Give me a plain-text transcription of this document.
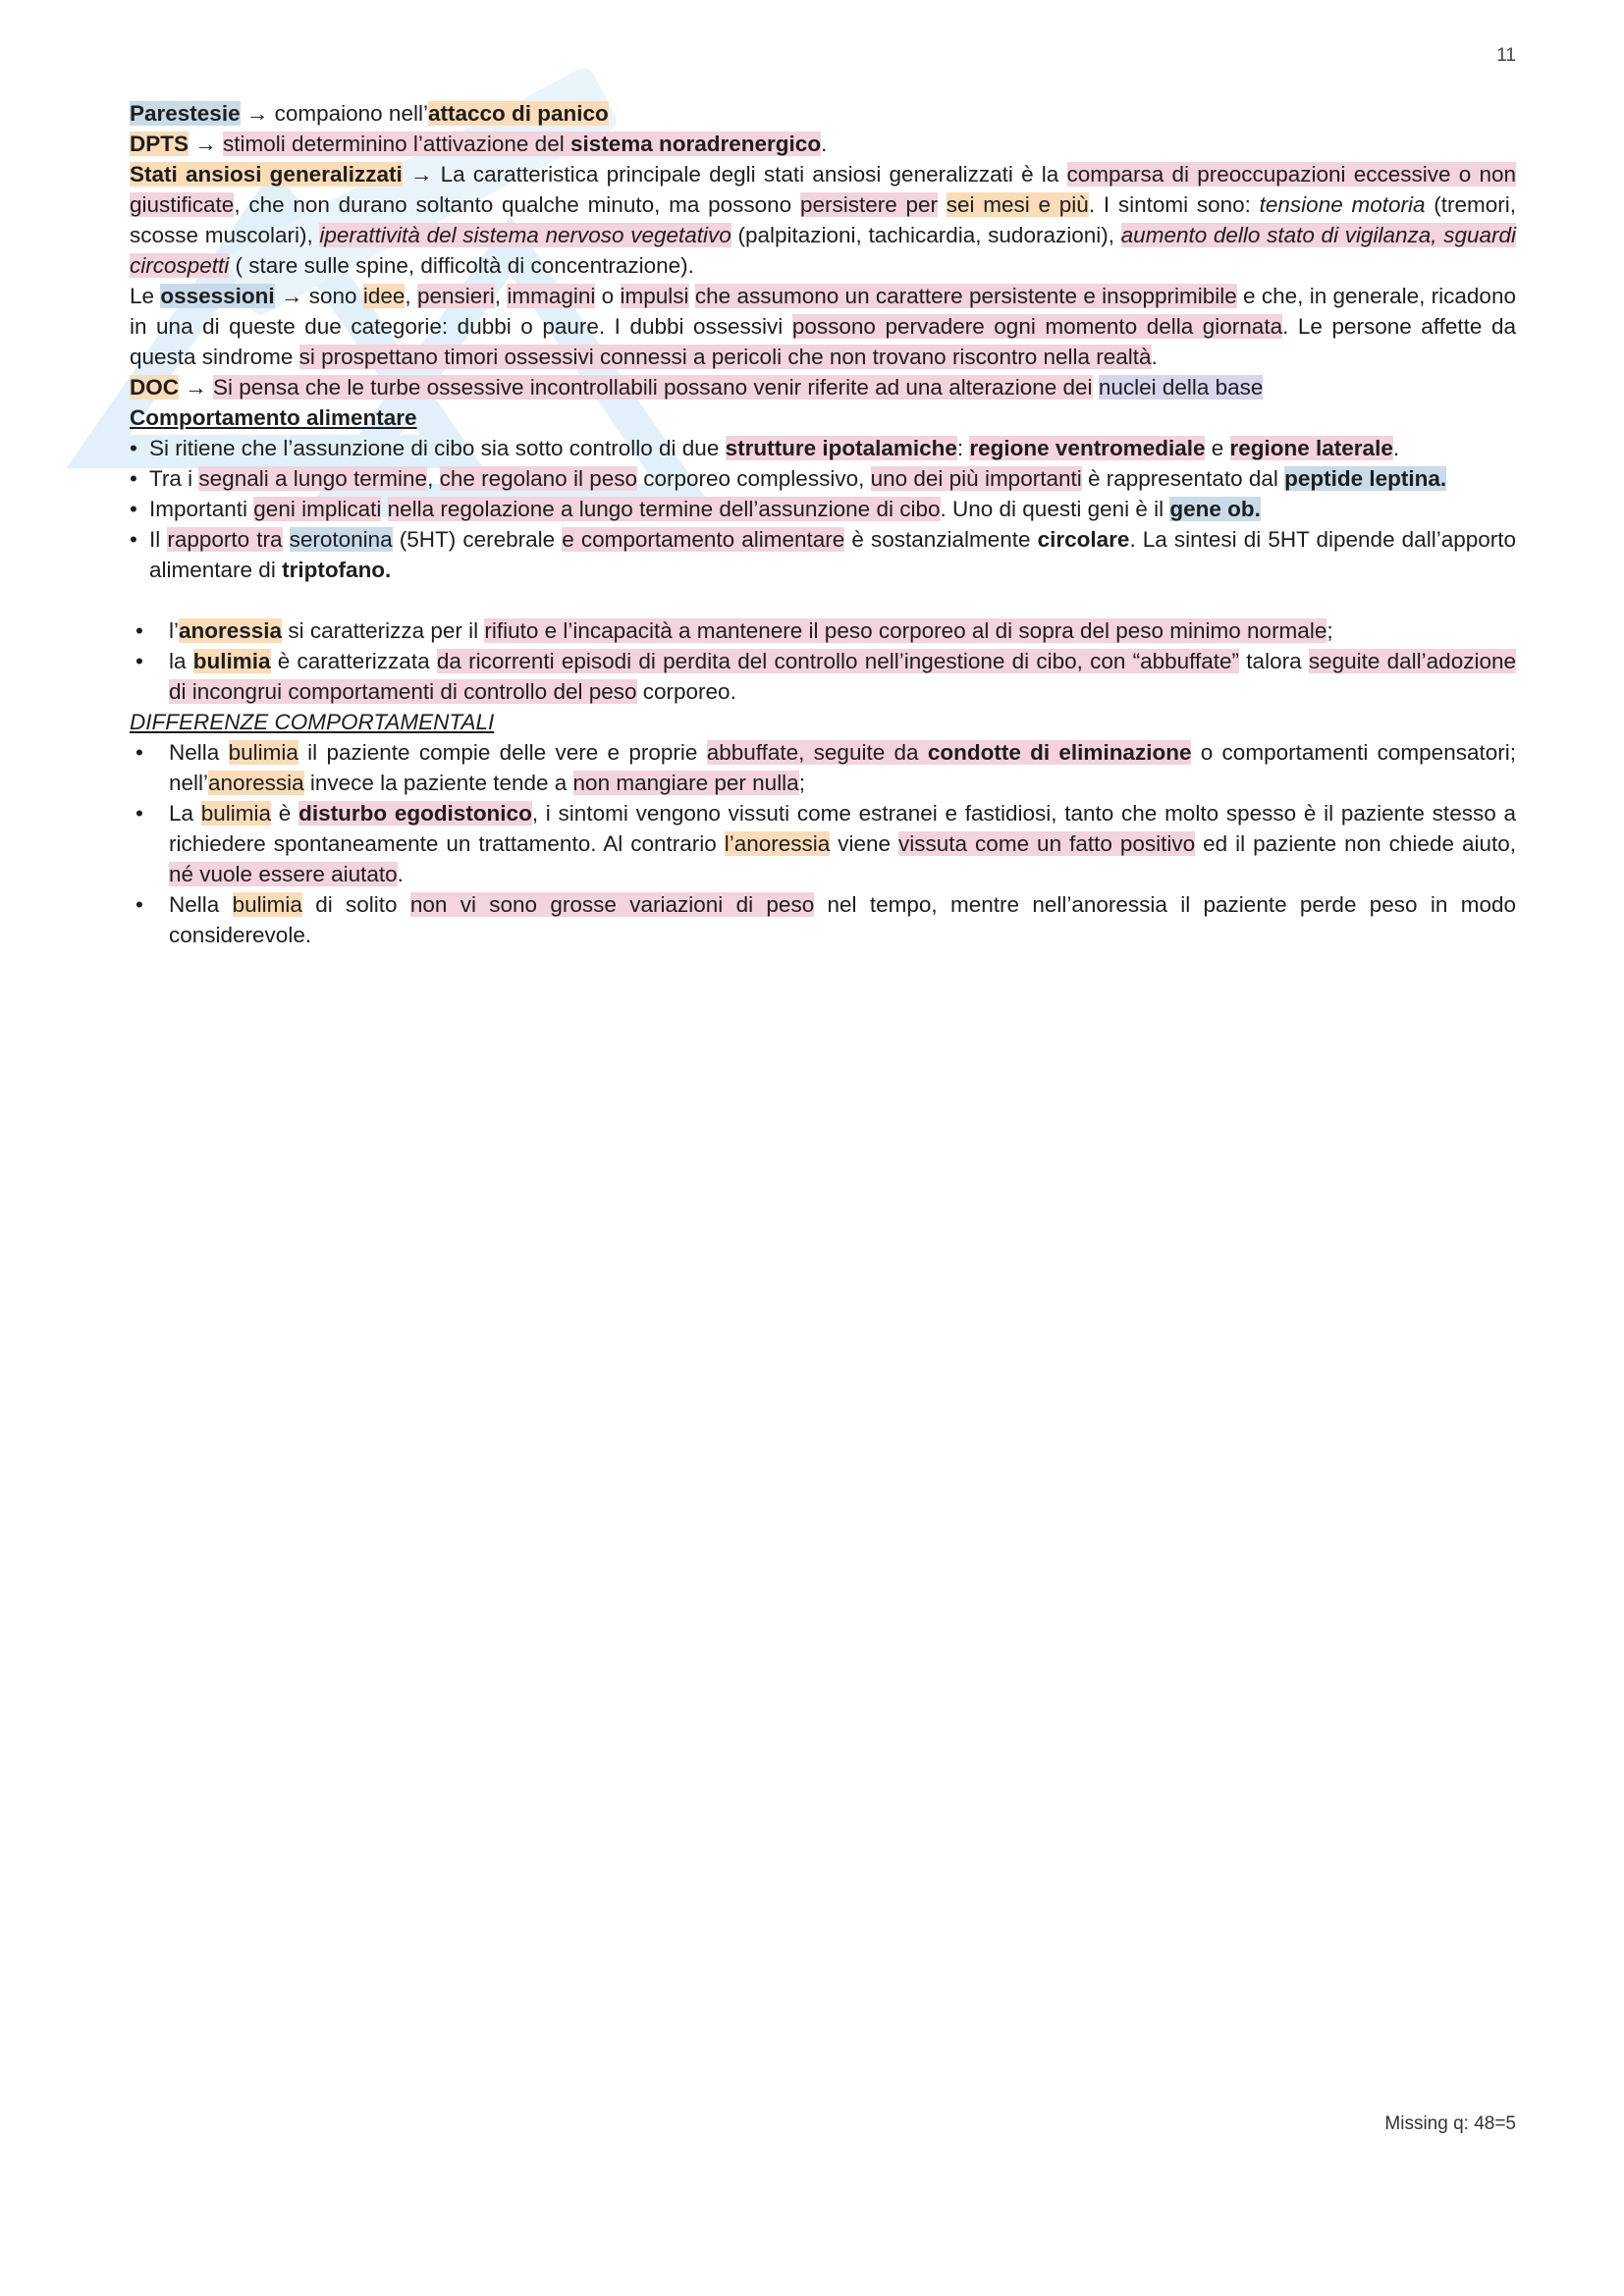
11

Parestesie → compaiono nell’attacco di panico

DPTS → stimoli determinino l’attivazione del sistema noradrenergico.

Stati ansiosi generalizzati → La caratteristica principale degli stati ansiosi generalizzati è la comparsa di preoccupazioni eccessive o non giustificate, che non durano soltanto qualche minuto, ma possono persistere per sei mesi e più. I sintomi sono: tensione motoria (tremori, scosse muscolari), iperattività del sistema nervoso vegetativo (palpitazioni, tachicardia, sudorazioni), aumento dello stato di vigilanza, sguardi circospetti ( stare sulle spine, difficoltà di concentrazione).

Le ossessioni → sono idee, pensieri, immagini o impulsi che assumono un carattere persistente e insopprimibile e che, in generale, ricadono in una di queste due categorie: dubbi o paure. I dubbi ossessivi possono pervadere ogni momento della giornata. Le persone affette da questa sindrome si prospettano timori ossessivi connessi a pericoli che non trovano riscontro nella realtà.

DOC → Si pensa che le turbe ossessive incontrollabili possano venir riferite ad una alterazione dei nuclei della base

Comportamento alimentare

• Si ritiene che l’assunzione di cibo sia sotto controllo di due strutture ipotalamiche: regione ventromediale e regione laterale.
• Tra i segnali a lungo termine, che regolano il peso corporeo complessivo, uno dei più importanti è rappresentato dal peptide leptina.
• Importanti geni implicati nella regolazione a lungo termine dell’assunzione di cibo. Uno di questi geni è il gene ob.
• Il rapporto tra serotonina (5HT) cerebrale e comportamento alimentare è sostanzialmente circolare. La sintesi di 5HT dipende dall’apporto alimentare di triptofano.
• l’anoressia si caratterizza per il rifiuto e l’incapacità a mantenere il peso corporeo al di sopra del peso minimo normale;
• la bulimia è caratterizzata da ricorrenti episodi di perdita del controllo nell’ingestione di cibo, con “abbuffate” talora seguite dall’adozione di incongrui comportamenti di controllo del peso corporeo.

DIFFERENZE COMPORTAMENTALI

• Nella bulimia il paziente compie delle vere e proprie abbuffate, seguite da condotte di eliminazione o comportamenti compensatori; nell’anoressia invece la paziente tende a non mangiare per nulla;
• La bulimia è disturbo egodistonico, i sintomi vengono vissuti come estranei e fastidiosi, tanto che molto spesso è il paziente stesso a richiedere spontaneamente un trattamento. Al contrario l’anoressia viene vissuta come un fatto positivo ed il paziente non chiede aiuto, né vuole essere aiutato.
• Nella bulimia di solito non vi sono grosse variazioni di peso nel tempo, mentre nell’anoressia il paziente perde peso in modo considerevole.
Missing q: 48=5
